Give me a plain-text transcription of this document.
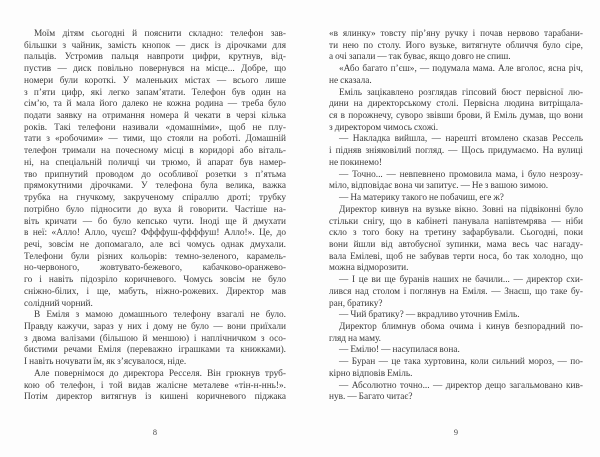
Моїм дітям сьогодні й пояснити складно: телефон зав-
більшки з чайник, замість кнопок — диск із дірочками для
пальців. Устромив пальця навпроти цифри, крутнув, від-
пустив — диск повільно повернувся на місце... Добре, що
номери були короткі. У маленьких містах — всього лише
з п’яти цифр, які легко запам’ятати. Телефон був один на
сім’ю, та й мала його далеко не кожна родина — треба було
подати заявку на отримання номера й чекати в черзі кілька
років. Такі телефони називали «домашніми», щоб не плу-
тати з «робочими» — тими, що стояли на роботі. Домашній
телефон тримали на почесному місці в коридорі або віталь-
ні, на спеціальній поличці чи трюмо, й апарат був намер-
тво припнутий проводом до особливої розетки з п’ятьма
прямокутними дірочками. У телефона була велика, важка
трубка на гнучкому, закрученому спіраллю дроті; трубку
потрібно було підносити до вуха й говорити. Частіше на-
віть кричати — бо було кепсько чути. Іноді ще й дмухати
в неї: «Алло! Алло, чуєш? Ффффуш-ффффуш! Алло!». Це, до
речі, зовсім не допомагало, але всі чомусь однак дмухали.
Телефони були різних кольорів: темно-зеленого, карамель-
но-червоного, жовтувато-бежевого, кабачково-оранжево-
го і навіть підозріло коричневого. Чомусь зовсім не було
сніжно-білих, і ще, мабуть, ніжно-рожевих. Директор мав
солідний чорний.
В Еміля з мамою домашнього телефону взагалі не було.
Правду кажучи, зараз у них і дому не було — вони приїхали
з двома валізами (більшою й меншою) і наплічничком з осо-
бистими речами Еміля (переважно іграшками та книжками).
І навіть ночувати їм, як з’ясувалося, ніде.
Але повернімося до директора Ресселя. Він грюкнув труб-
кою об телефон, і той видав жалісне металеве «тін-н-ннь!».
Потім директор витягнув із кишені коричневого піджака
8
«в ялинку» товсту пір’яну ручку і почав нервово тарабани-
ти нею по столу. Його вузьке, витягнуте обличчя було сіре,
а очі запали — так буває, якщо довго не спиш.
«Або багато п’єш», — подумала мама. Але вголос, ясна річ,
не сказала.
Еміль зацікавлено розглядав гіпсовий бюст первісної лю-
дини на директорському столі. Первісна людина витріщала-
ся в порожнечу, суворо звівши брови, й Еміль думав, що вони
з директором чимось схожі.
— Накладка вийшла, — нарешті втомлено сказав Рессель
і підняв зніяковілий погляд. — Щось придумаємо. На вулиці
не покинемо!
— Точно... — невпевнено промовила мама, і було незрозу-
міло, відповідає вона чи запитує. — Не з вашою зимою.
— На материку такого не побачиш, еге ж?
Директор кивнув на вузьке вікно. Зовні на підвіконні було
стільки снігу, що в кабінеті панувала напівтемрява — ніби
скло з того боку на третину зафарбували. Сьогодні, поки
вони йшли від автобусної зупинки, мама весь час нагаду-
вала Емілеві, щоб не забував терти носа, бо так холодно, що
можна відморозити.
— І це ви ще буранів наших не бачили... — директор схи-
лився над столом і поглянув на Еміля. — Знаєш, що таке бу-
ран, братику?
— Чий братику? — вкрадливо уточнив Еміль.
Директор блимнув обома очима і кинув безпорадний по-
гляд на маму.
— Емілю! — насупилася вона.
— Буран — це така хуртовина, коли сильний мороз, — по-
кірно відповів Еміль.
— Абсолютно точно... — директор дещо загальмовано кив-
нув. — Багато читає?
9
